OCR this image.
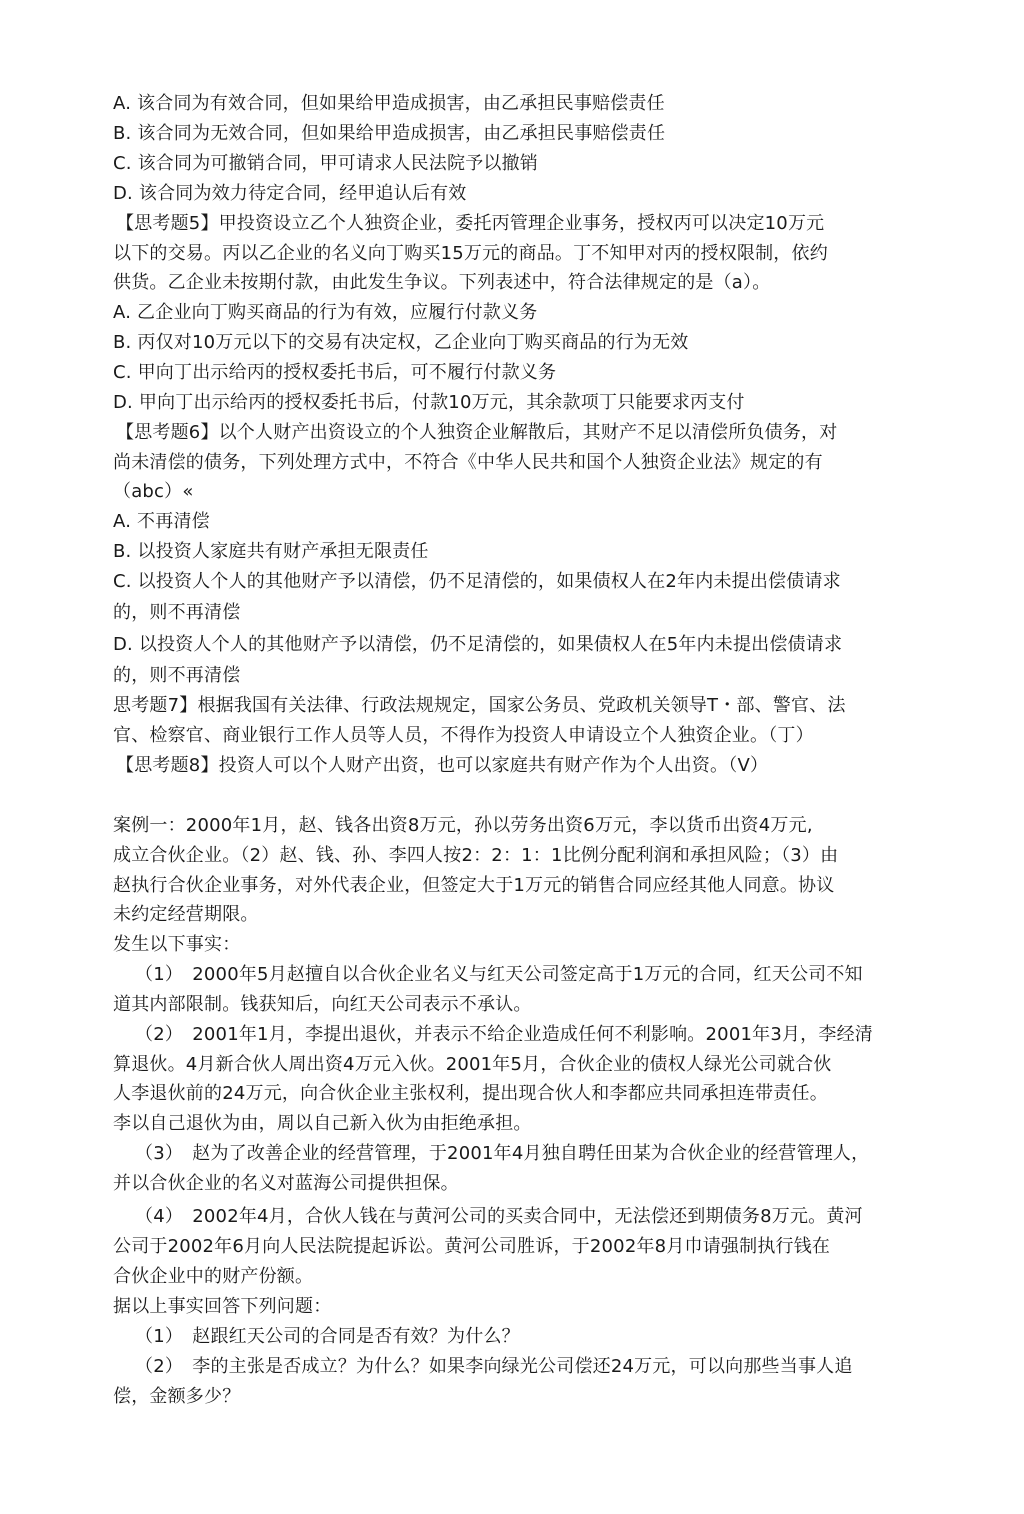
A. 该合同为有效合同，但如果给甲造成损害，由乙承担民事赔偿责任
B. 该合同为无效合同，但如果给甲造成损害，由乙承担民事赔偿责任
C. 该合同为可撤销合同，甲可请求人民法院予以撤销
D. 该合同为效力待定合同，经甲追认后有效
【思考题5】甲投资设立乙个人独资企业，委托丙管理企业事务，授权丙可以决定10万元
以下的交易。丙以乙企业的名义向丁购买15万元的商品。丁不知甲对丙的授权限制，依约
供货。乙企业未按期付款，由此发生争议。下列表述中，符合法律规定的是（a）。
A. 乙企业向丁购买商品的行为有效，应履行付款义务
B. 丙仅对10万元以下的交易有决定权，乙企业向丁购买商品的行为无效
C. 甲向丁出示给丙的授权委托书后，可不履行付款义务
D. 甲向丁出示给丙的授权委托书后，付款10万元，其余款项丁只能要求丙支付
【思考题6】以个人财产出资设立的个人独资企业解散后，其财产不足以清偿所负债务，对
尚未清偿的债务，下列处理方式中，不符合《中华人民共和国个人独资企业法》规定的有
（abc）«
A. 不再清偿
B. 以投资人家庭共有财产承担无限责任
C. 以投资人个人的其他财产予以清偿，仍不足清偿的，如果债权人在2年内未提出偿债请求
的，则不再清偿
D. 以投资人个人的其他财产予以清偿，仍不足清偿的，如果债权人在5年内未提出偿债请求
的，则不再清偿
思考题7】根据我国有关法律、行政法规规定，国家公务员、党政机关领导T・部、警官、法
官、检察官、商业银行工作人员等人员，不得作为投资人申请设立个人独资企业。（丁）
【思考题8】投资人可以个人财产出资，也可以家庭共有财产作为个人出资。（V）
案例一：2000年1月，赵、钱各出资8万元，孙以劳务出资6万元，李以货币出资4万元,
成立合伙企业。（2）赵、钱、孙、李四人按2：2：1：1比例分配利润和承担风险；（3）由
赵执行合伙企业事务，对外代表企业，但签定大于1万元的销售合同应经其他人同意。协议
未约定经营期限。
发生以下事实：
（1）　2000年5月赵擅自以合伙企业名义与红天公司签定高于1万元的合同，红天公司不知
道其内部限制。钱获知后，向红天公司表示不承认。
（2）　2001年1月，李提出退伙，并表示不给企业造成任何不利影响。2001年3月，李经清
算退伙。4月新合伙人周出资4万元入伙。2001年5月，合伙企业的债权人绿光公司就合伙
人李退伙前的24万元，向合伙企业主张权利，提出现合伙人和李都应共同承担连带责任。
李以自己退伙为由，周以自己新入伙为由拒绝承担。
（3）　赵为了改善企业的经营管理，于2001年4月独自聘任田某为合伙企业的经营管理人，
并以合伙企业的名义对蓝海公司提供担保。
（4）　2002年4月，合伙人钱在与黄河公司的买卖合同中，无法偿还到期债务8万元。黄河
公司于2002年6月向人民法院提起诉讼。黄河公司胜诉，于2002年8月巾请强制执行钱在
合伙企业中的财产份额。
据以上事实回答下列问题：
（1）　赵跟红天公司的合同是否有效？为什么？
（2）　李的主张是否成立？为什么？如果李向绿光公司偿还24万元，可以向那些当事人追
偿，金额多少？
